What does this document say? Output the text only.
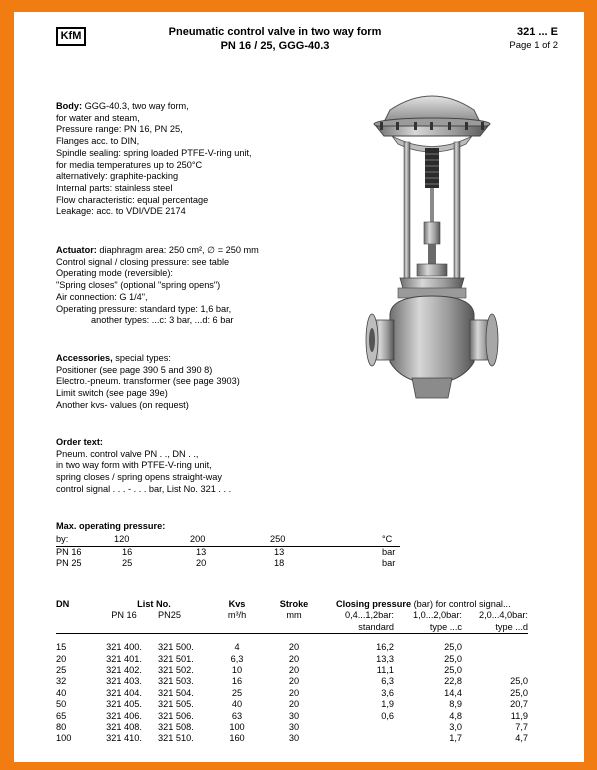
KfM	Pneumatic control valve in two way form
PN 16 / 25, GGG-40.3
321 ... E
Page 1 of 2
Body: GGG-40.3, two way form,
for water and steam,
Pressure range: PN 16, PN 25,
Flanges acc. to DIN,
Spindle sealing: spring loaded PTFE-V-ring unit,
for media temperatures up to 250°C
alternatively: graphite-packing
Internal parts: stainless steel
Flow characteristic: equal percentage
Leakage: acc. to VDI/VDE 2174
Actuator: diaphragm area: 250 cm², ∅ = 250 mm
Control signal / closing pressure: see table
Operating mode (reversible):
"Spring closes" (optional "spring opens")
Air connection: G 1/4",
Operating pressure: standard type: 1,6 bar,
another types: ...c: 3 bar, ...d: 6 bar
Accessories, special types:
Positioner (see page 390 5 and 390 8)
Electro.-pneum. transformer (see page 3903)
Limit switch (see page 39e)
Another kvs- values (on request)
Order text:
Pneum. control valve PN . ., DN . .,
in two way form with PTFE-V-ring unit,
spring closes / spring opens straight-way
control signal . . . - . . . bar, List No. 321 . . .
Max. operating pressure:
by:	120	200	250	°C
PN 16	16	13	13	bar
PN 25	25	20	18	bar
DN	List No.		Kvs	Stroke	Closing pressure (bar) for control signal...		
	PN 16	PN25	m³/h	mm	0,4...1,2bar:	1,0...2,0bar:	2,0...4,0bar:
					standard	type ...c	type ...d

15	321 400.	321 500.	4	20	16,2	25,0	
20	321 401.	321 501.	6,3	20	13,3	25,0	
25	321 402.	321 502.	10	20	11,1	25,0	
32	321 403.	321 503.	16	20	6,3	22,8	25,0
40	321 404.	321 504.	25	20	3,6	14,4	25,0
50	321 405.	321 505.	40	20	1,9	8,9	20,7
65	321 406.	321 506.	63	30	0,6	4,8	11,9
80	321 408.	321 508.	100	30		3,0	7,7
100	321 410.	321 510.	160	30		1,7	4,7
